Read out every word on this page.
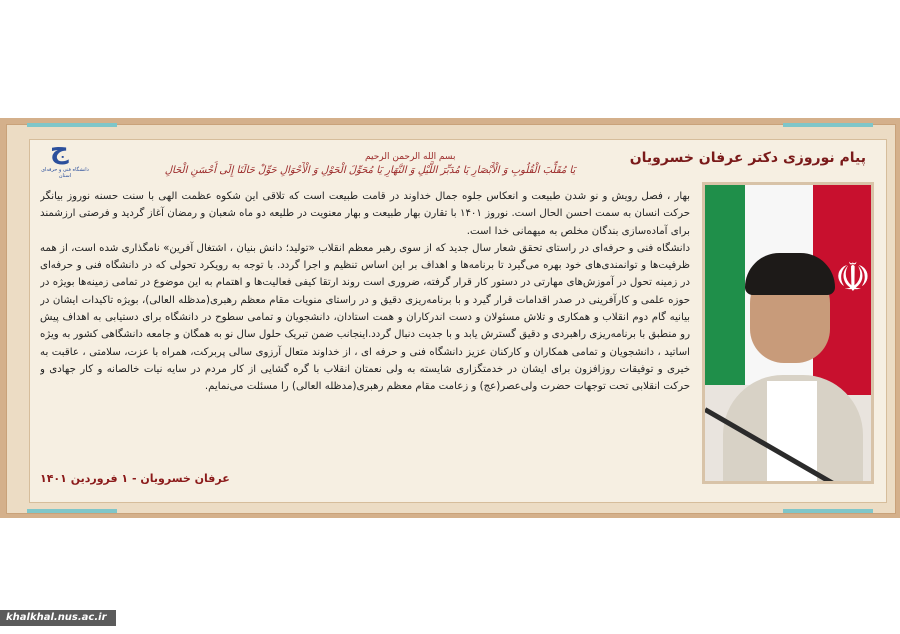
ج
دانشگاه فنی و حرفه‌ای استان
پیام نوروزی دکتر عرفان خسرویان
بسم الله الرحمن الرحیم
یَا مُقَلِّبَ الْقُلُوبِ وَ الْأَبْصَارِ یَا مُدَبِّرَ اللَّیْلِ وَ النَّهَارِ یَا مُحَوِّلَ الْحَوْلِ وَ الْأَحْوَالِ حَوِّلْ حَالَنَا إِلَى أَحْسَنِ الْحَالِ

بهار ، فصل رویش و نو شدن طبیعت و انعکاس جلوه جمال خداوند در قامت طبیعت است که تلاقی این شکوه عظمت الهی با سنت حسنه نوروز بیانگر حرکت انسان به سمت احسن الحال است. نوروز ۱۴۰۱ با تقارن بهار طبیعت و بهار معنویت در طلیعه دو ماه شعبان و رمضان آغاز گردید و فرصتی ارزشمند برای آماده‌سازی بندگان مخلص به میهمانی خدا است.

دانشگاه فنی و حرفه‌ای در راستای تحقق شعار سال جدید که از سوی رهبر معظم انقلاب «تولید؛ دانش بنیان ، اشتغال آفرین» نامگذاری شده است، از همه ظرفیت‌ها و توانمندی‌های خود بهره می‌گیرد تا برنامه‌ها و اهداف بر این اساس تنظیم و اجرا گردد. با توجه به رویکرد تحولی که در دانشگاه فنی و حرفه‌ای در زمینه تحول در آموزش‌های مهارتی در دستور کار قرار گرفته، ضروری است روند ارتقا کیفی فعالیت‌ها و اهتمام به این موضوع در تمامی زمینه‌ها بویژه در حوزه علمی و کارآفرینی در صدر اقدامات قرار گیرد و با برنامه‌ریزی دقیق و در راستای منویات مقام معظم رهبری(مدظله العالی)، بویژه تاکیدات ایشان در بیانیه گام دوم انقلاب و همکاری و تلاش مسئولان و دست اندرکاران و همت استادان، دانشجویان و تمامی سطوح در دانشگاه برای دستیابی به اهداف پیش رو منطبق با برنامه‌ریزی راهبردی و دقیق گسترش یابد و با جدیت دنبال گردد.اینجانب ضمن تبریک حلول سال نو به همگان و جامعه دانشگاهی کشور به ویژه اساتید ، دانشجویان و تمامی همکاران و کارکنان عزیز دانشگاه فنی و حرفه ای ، از خداوند متعال آرزوی سالی پربرکت، همراه با عزت، سلامتی ، عاقبت به خیری و توفیقات روزافزون برای ایشان در خدمتگزاری شایسته به ولی نعمتان انقلاب با گره گشایی از کار مردم در سایه نیات خالصانه و کار جهادی و حرکت انقلابی تحت توجهات حضرت ولی‌عصر(عج) و زعامت مقام معظم رهبری(مدظله العالی) را مسئلت می‌نمایم.

عرفان خسرویان - ۱ فروردین ۱۴۰۱
☫
khalkhal.nus.ac.ir
